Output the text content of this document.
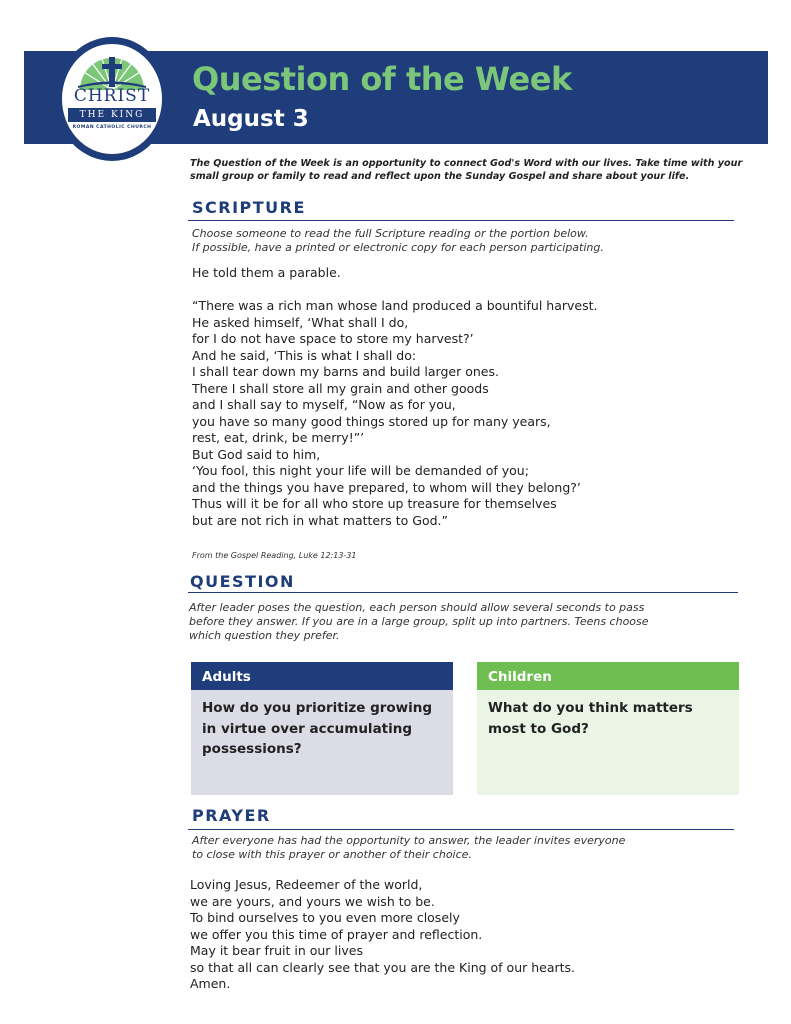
Question of the Week
August 3
CHRIST
THE KING
ROMAN CATHOLIC CHURCH
The Question of the Week is an opportunity to connect God's Word with our lives. Take time with your small group or family to read and reflect upon the Sunday Gospel and share about your life.
SCRIPTURE
Choose someone to read the full Scripture reading or the portion below.
If possible, have a printed or electronic copy for each person participating.
He told them a parable.

“There was a rich man whose land produced a bountiful harvest.
He asked himself, ‘What shall I do,
for I do not have space to store my harvest?’
And he said, ‘This is what I shall do:
I shall tear down my barns and build larger ones.
There I shall store all my grain and other goods
and I shall say to myself, “Now as for you,
you have so many good things stored up for many years,
rest, eat, drink, be merry!”’
But God said to him,
‘You fool, this night your life will be demanded of you;
and the things you have prepared, to whom will they belong?’
Thus will it be for all who store up treasure for themselves
but are not rich in what matters to God.”
From the Gospel Reading, Luke 12:13-31
QUESTION
After leader poses the question, each person should allow several seconds to pass
before they answer. If you are in a large group, split up into partners. Teens choose
which question they prefer.
Adults
How do you prioritize growing
in virtue over accumulating
possessions?
Children
What do you think matters
most to God?
PRAYER
After everyone has had the opportunity to answer, the leader invites everyone
to close with this prayer or another of their choice.
Loving Jesus, Redeemer of the world,
we are yours, and yours we wish to be.
To bind ourselves to you even more closely
we offer you this time of prayer and reflection.
May it bear fruit in our lives
so that all can clearly see that you are the King of our hearts.
Amen.
